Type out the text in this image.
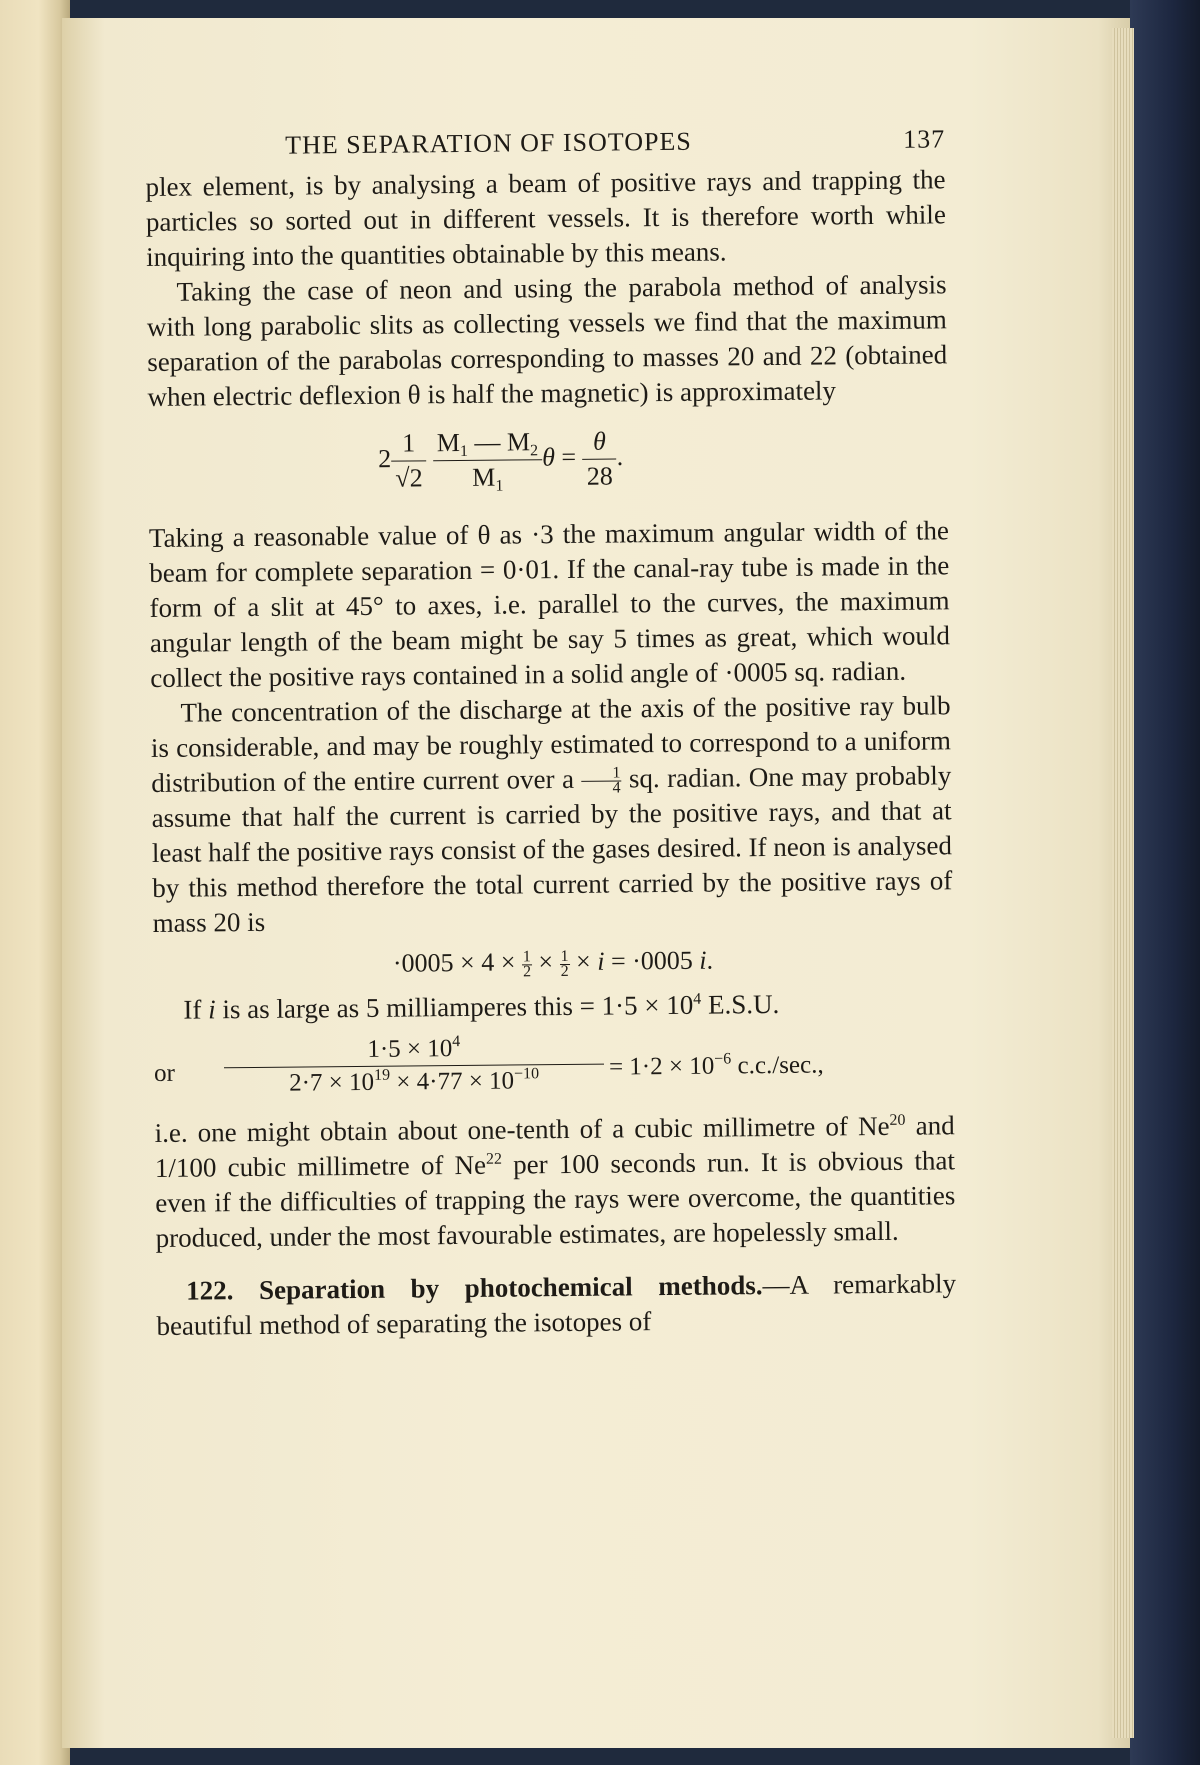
THE SEPARATION OF ISOTOPES	137

plex element, is by analysing a beam of positive rays and trapping the particles so sorted out in different vessels. It is therefore worth while inquiring into the quantities obtainable by this means.

Taking the case of neon and using the parabola method of analysis with long parabolic slits as collecting vessels we find that the maximum separation of the parabolas corresponding to masses 20 and 22 (obtained when electric deflexion θ is half the magnetic) is approximately

$2 \frac{1}{√2}$
$\frac{M_1 — M_2}{M_1}$ $\theta = \frac{\theta}{28}$ .

Taking a reasonable value of θ as ·3 the maximum angular width of the beam for complete separation = 0·01. If the canal-ray tube is made in the form of a slit at 45° to axes, i.e. parallel to the curves, the maximum angular length of the beam might be say 5 times as great, which would collect the positive rays contained in a solid angle of ·0005 sq. radian.

The concentration of the discharge at the axis of the positive ray bulb is considerable, and may be roughly estimated to correspond to a uniform distribution of the entire current over a $\frac{1}{4}$ sq. radian. One may probably assume that half the current is carried by the positive rays, and that at least half the positive rays consist of the gases desired. If neon is analysed by this method therefore the total current carried by the positive rays of mass 20 is

$\cdot 0005 \times 4 \times \frac{1}{2} \times \frac{1}{2} \times i = \cdot 0005$ i.

If i is as large as 5 milliamperes this = $1\cdot 5 \times 10^4$ E.S.U.

or $\frac{1\cdot 5 \times 10^4}{2\cdot 7 \times 10^{19} \times 4\cdot 77 \times 10^{-10}} = 1\cdot 2 \times 10^{-6}$ c.c./sec.,

i.e. one might obtain about one-tenth of a cubic millimetre of Ne$^{20}$ and 1/100 cubic millimetre of Ne$^{22}$ per 100 seconds run. It is obvious that even if the difficulties of trapping the rays were overcome, the quantities produced, under the most favourable estimates, are hopelessly small.

122. Separation by photochemical methods.—A remarkably beautiful method of separating the isotopes of
